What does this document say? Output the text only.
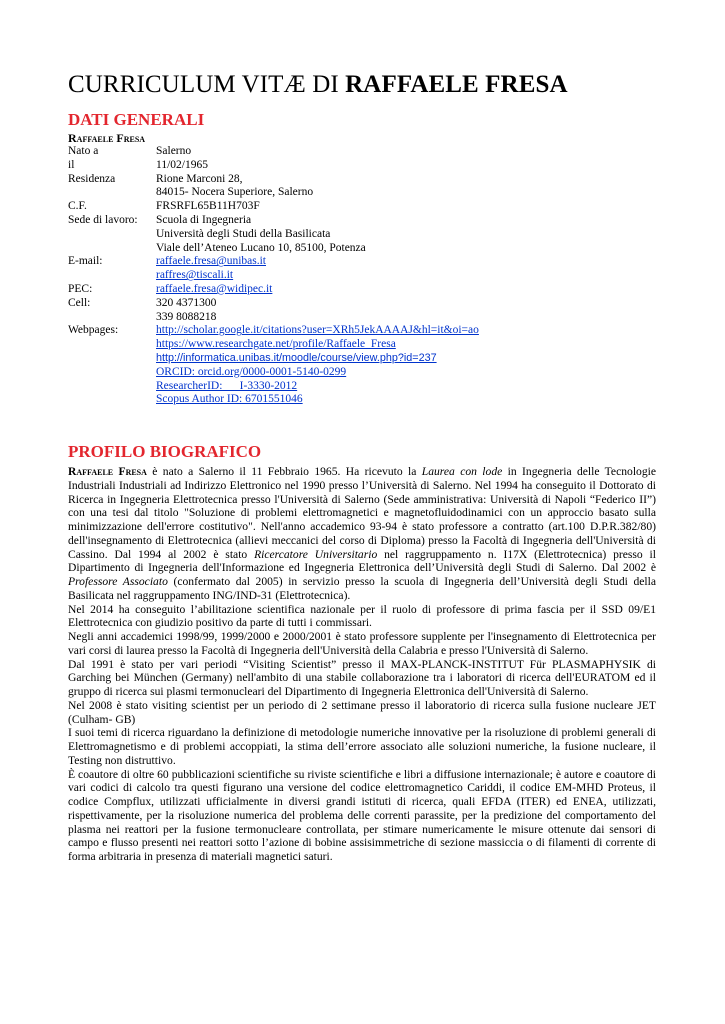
CURRICULUM VITÆ DI RAFFAELE FRESA
DATI GENERALI
Raffaele Fresa
Nato a	Salerno
il	11/02/1965
Residenza	Rione Marconi 28,
	84015- Nocera Superiore, Salerno
C.F.	FRSRFL65B11H703F
Sede di lavoro:	Scuola di Ingegneria
	Università degli Studi della Basilicata
	Viale dell’Ateneo Lucano 10, 85100, Potenza
E-mail:	raffaele.fresa@unibas.it
	raffres@tiscali.it
PEC:	raffaele.fresa@widipec.it
Cell:	320 4371300
	339 8088218
Webpages:	http://scholar.google.it/citations?user=XRh5JekAAAAJ&hl=it&oi=ao
	https://www.researchgate.net/profile/Raffaele_Fresa
	http://informatica.unibas.it/moodle/course/view.php?id=237
	ORCID: orcid.org/0000-0001-5140-0299
	ResearcherID:      I-3330-2012
	Scopus Author ID: 6701551046
PROFILO BIOGRAFICO

Raffaele Fresa è nato a Salerno il 11 Febbraio 1965. Ha ricevuto la Laurea con lode in Ingegneria delle Tecnologie Industriali Industriali ad Indirizzo Elettronico nel 1990 presso l’Università di Salerno. Nel 1994 ha conseguito il Dottorato di Ricerca in Ingegneria Elettrotecnica presso l'Università di Salerno (Sede amministrativa: Università di Napoli “Federico II”) con una tesi dal titolo "Soluzione di problemi elettromagnetici e magnetofluidodinamici con un approccio basato sulla minimizzazione dell'errore costitutivo". Nell'anno accademico 93-94 è stato professore a contratto (art.100 D.P.R.382/80) dell'insegnamento di Elettrotecnica (allievi meccanici del corso di Diploma) presso la Facoltà di Ingegneria dell'Università di Cassino. Dal 1994 al 2002 è stato Ricercatore Universitario nel raggruppamento n. I17X (Elettrotecnica) presso il Dipartimento di Ingegneria dell'Informazione ed Ingegneria Elettronica dell’Università degli Studi di Salerno. Dal 2002 è Professore Associato (confermato dal 2005) in servizio presso la scuola di Ingegneria dell’Università degli Studi della Basilicata nel raggruppamento ING/IND-31 (Elettrotecnica).

Nel 2014 ha conseguito l’abilitazione scientifica nazionale per il ruolo di professore di prima fascia per il SSD 09/E1 Elettrotecnica con giudizio positivo da parte di tutti i commissari.

Negli anni accademici 1998/99, 1999/2000 e 2000/2001 è stato professore supplente per l'insegnamento di Elettrotecnica per vari corsi di laurea presso la Facoltà di Ingegneria dell'Università della Calabria e presso l'Università di Salerno.

Dal 1991 è stato per vari periodi “Visiting Scientist” presso il MAX-PLANCK-INSTITUT Für PLASMAPHYSIK di Garching bei München (Germany) nell'ambito di una stabile collaborazione tra i laboratori di ricerca dell'EURATOM ed il gruppo di ricerca sui plasmi termonucleari del Dipartimento di Ingegneria Elettronica dell'Università di Salerno.

Nel 2008 è stato visiting scientist per un periodo di 2 settimane presso il laboratorio di ricerca sulla fusione nucleare JET (Culham- GB)

I suoi temi di ricerca riguardano la definizione di metodologie numeriche innovative per la risoluzione di problemi generali di Elettromagnetismo e di problemi accoppiati, la stima dell’errore associato alle soluzioni numeriche, la fusione nucleare, il Testing non distruttivo.

È coautore di oltre 60 pubblicazioni scientifiche su riviste scientifiche e libri a diffusione internazionale; è autore e coautore di vari codici di calcolo tra questi figurano una versione del codice elettromagnetico Cariddi, il codice EM-MHD Proteus, il codice Compflux, utilizzati ufficialmente in diversi grandi istituti di ricerca, quali EFDA (ITER) ed ENEA, utilizzati, rispettivamente, per la risoluzione numerica del problema delle correnti parassite, per la predizione del comportamento del plasma nei reattori per la fusione termonucleare controllata, per stimare numericamente le misure ottenute dai sensori di campo e flusso presenti nei reattori sotto l’azione di bobine assisimmetriche di sezione massiccia o di filamenti di corrente di forma arbitraria in presenza di materiali magnetici saturi.
